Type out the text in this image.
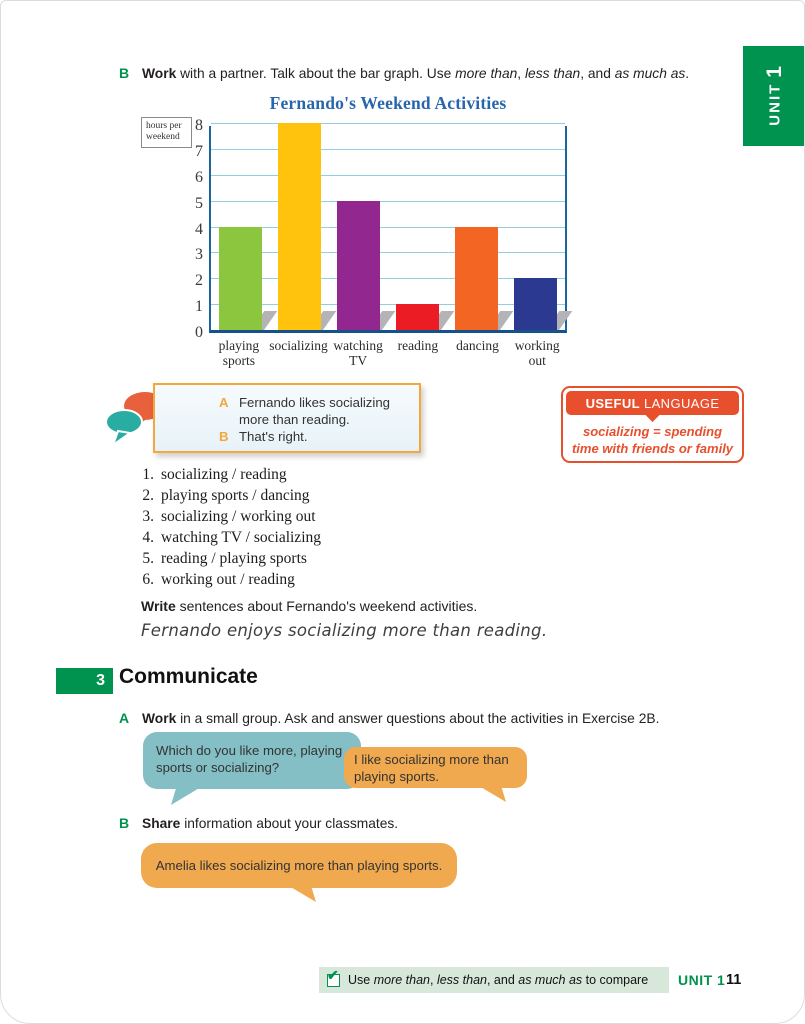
UNIT
1
B Work with a partner. Talk about the bar graph. Use more than, less than, and as much as.
Fernando's Weekend Activities
hours per
weekend
0
1
2
3
4
5
6
7
8
playing
sports
socializing watching
TV
reading	dancing	working
out
A Fernando likes socializing more than reading.
B That's right.
USEFUL LANGUAGE
socializing = spending
time with friends or family
1. socializing / reading
2. playing sports / dancing
3. socializing / working out
4. watching TV / socializing
5. reading / playing sports
6. working out / reading
Write sentences about Fernando's weekend activities.
Fernando enjoys socializing more than reading.
3 Communicate
A Work in a small group. Ask and answer questions about the activities in Exercise 2B.
Which do you like more, playing sports or socializing?
I like socializing more than playing sports.
B Share information about your classmates.
Amelia likes socializing more than playing sports.
✔ Use more than, less than, and as much as to compare UNIT 1 11
